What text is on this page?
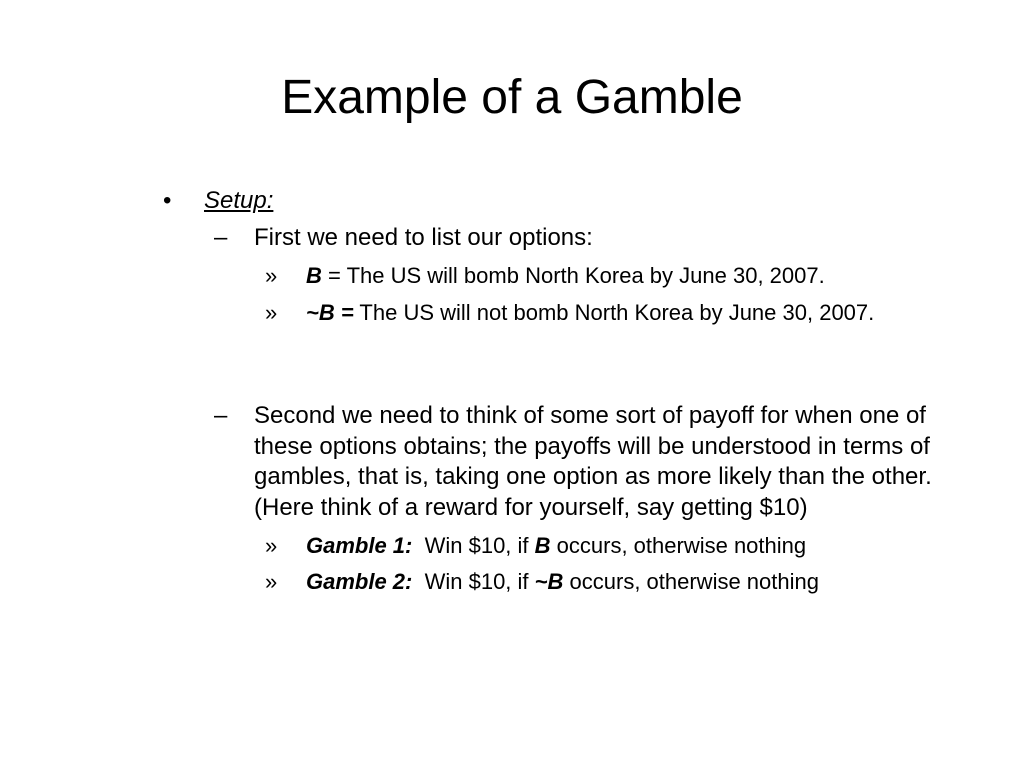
Example of a Gamble
• Setup:
– First we need to list our options:
» B = The US will bomb North Korea by June 30, 2007.
» ~B = The US will not bomb North Korea by June 30, 2007.
– Second we need to think of some sort of payoff for when one of these options obtains; the payoffs will be understood in terms of gambles, that is, taking one option as more likely than the other. (Here think of a reward for yourself, say getting $10)
» Gamble 1:  Win $10, if B occurs, otherwise nothing
» Gamble 2:  Win $10, if ~B occurs, otherwise nothing
